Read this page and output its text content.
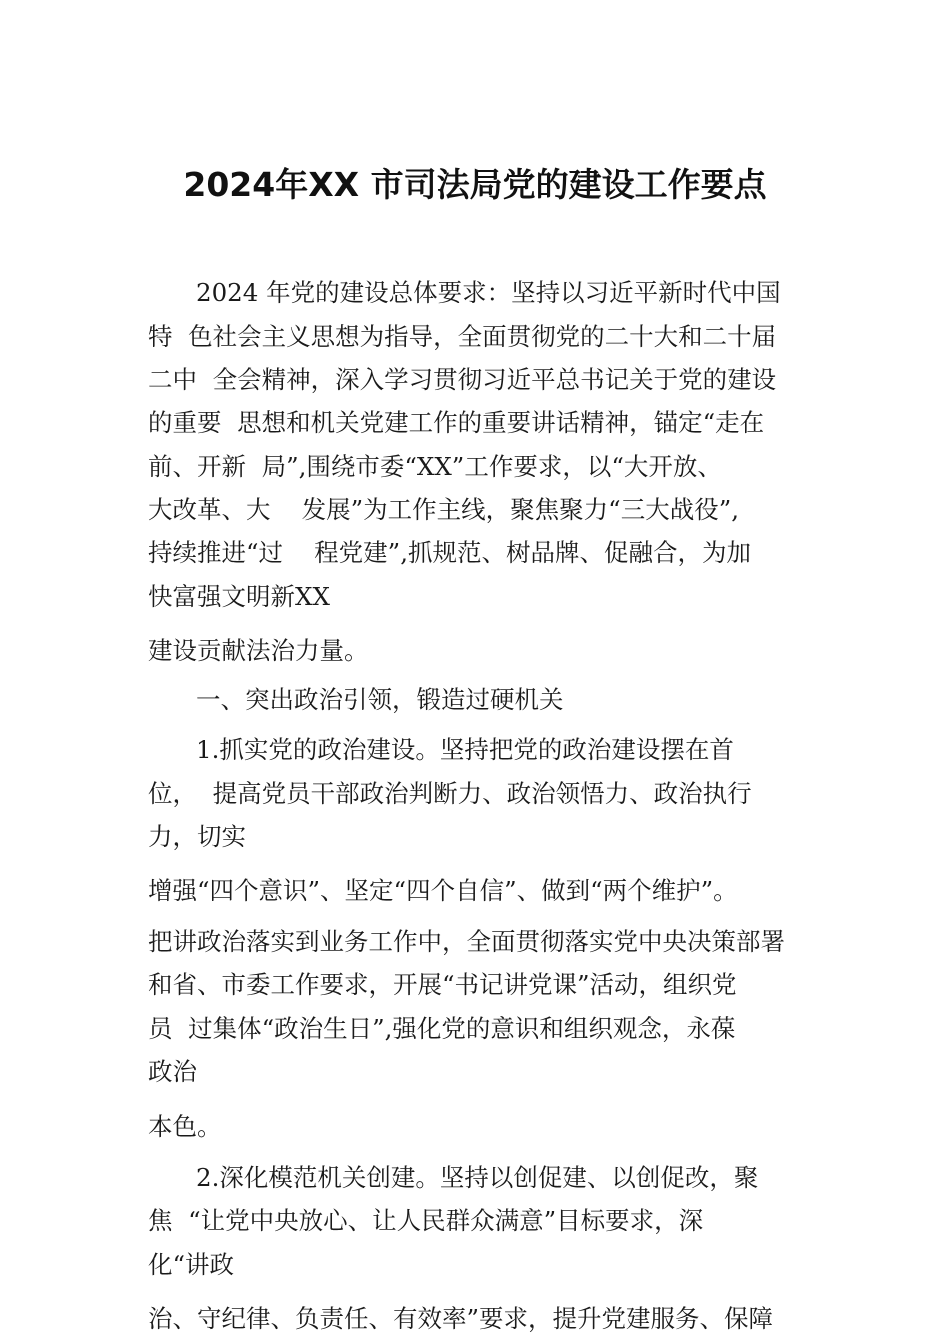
2024年XX 市司法局党的建设工作要点

2024 年党的建设总体要求：坚持以习近平新时代中国

特  色社会主义思想为指导，全面贯彻党的二十大和二十届

二中  全会精神，深入学习贯彻习近平总书记关于党的建设

的重要  思想和机关党建工作的重要讲话精神，锚定“走在

前、开新  局”,围绕市委“XX”工作要求，以“大开放、

大改革、大    发展”为工作主线，聚焦聚力“三大战役”,

持续推进“过    程党建”,抓规范、树品牌、促融合，为加

快富强文明新XX

建设贡献法治力量。

一、突出政治引领，锻造过硬机关

1.抓实党的政治建设。坚持把党的政治建设摆在首

位，  提高党员干部政治判断力、政治领悟力、政治执行

力，切实

增强“四个意识”、坚定“四个自信”、做到“两个维护”。

把讲政治落实到业务工作中，全面贯彻落实党中央决策部署

和省、市委工作要求，开展“书记讲党课”活动，组织党

员  过集体“政治生日”,强化党的意识和组织观念，永葆

政治

本色。

2.深化模范机关创建。坚持以创促建、以创促改，聚

焦  “让党中央放心、让人民群众满意”目标要求，深

化“讲政

治、守纪律、负责任、有效率”要求，提升党建服务、保障
